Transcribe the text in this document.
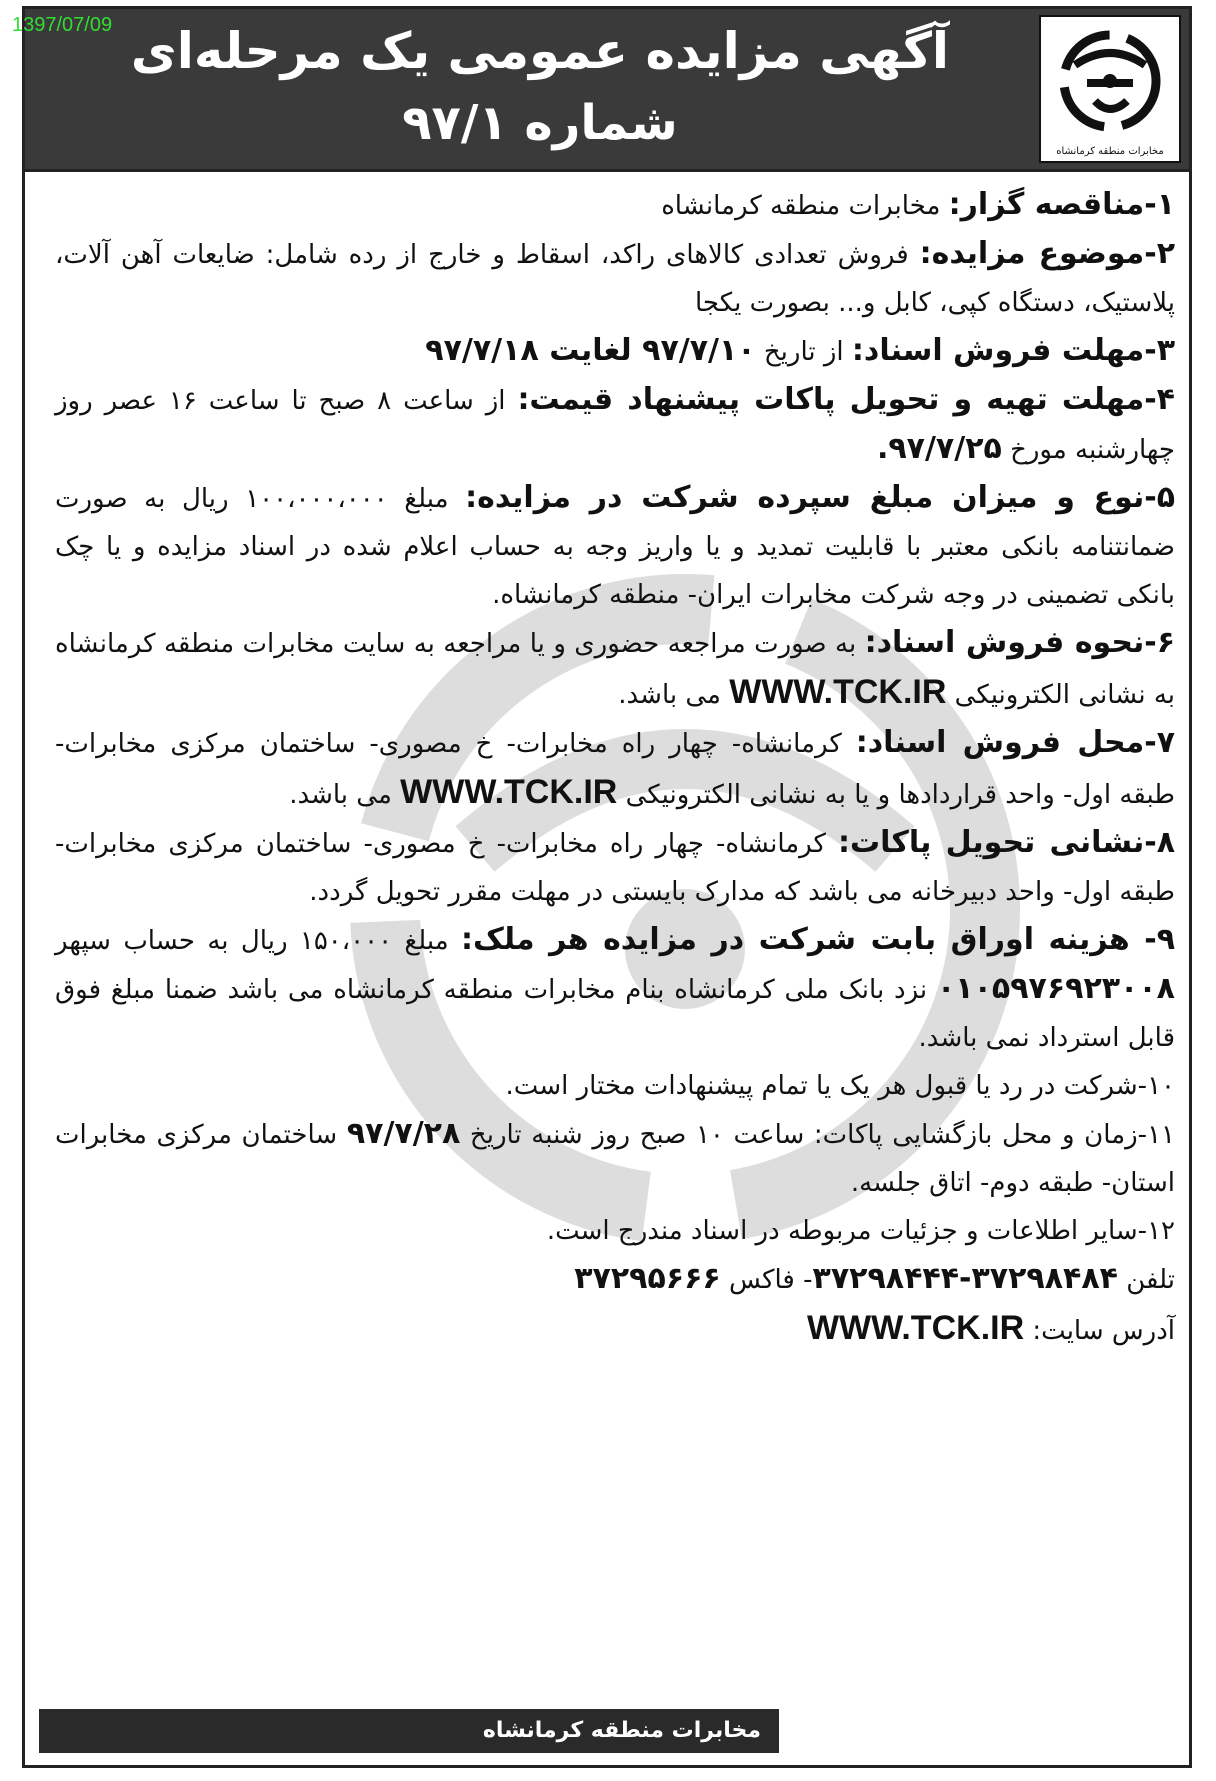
1397/07/09 آگهی مزایده عمومی یک مرحله‌ای
شماره ۹۷/۱
مخابرات منطقه کرمانشاه

۱-مناقصه گزار: مخابرات منطقه کرمانشاه

۲-موضوع مزایده: فروش تعدادی کالاهای راکد، اسقاط و خارج از رده شامل: ضایعات آهن آلات، پلاستیک، دستگاه کپی، کابل و... بصورت یکجا

۳-مهلت فروش اسناد: از تاریخ ۹۷/۷/۱۰ لغایت ۹۷/۷/۱۸

۴-مهلت تهیه و تحویل پاکات پیشنهاد قیمت: از ساعت ۸ صبح تا ساعت ۱۶ عصر روز چهارشنبه مورخ ۹۷/۷/۲۵.

۵-نوع و میزان مبلغ سپرده شرکت در مزایده: مبلغ ۱۰۰،۰۰۰،۰۰۰ ریال به صورت ضمانتنامه بانکی معتبر با قابلیت تمدید و یا واریز وجه به حساب اعلام شده در اسناد مزایده و یا چک بانکی تضمینی در وجه شرکت مخابرات ایران- منطقه کرمانشاه.

۶-نحوه فروش اسناد: به صورت مراجعه حضوری و یا مراجعه به سایت مخابرات منطقه کرمانشاه به نشانی الکترونیکی WWW.TCK.IR می باشد.

۷-محل فروش اسناد: کرمانشاه- چهار راه مخابرات- خ مصوری- ساختمان مرکزی مخابرات- طبقه اول- واحد قراردادها و یا به نشانی الکترونیکی WWW.TCK.IR می باشد.

۸-نشانی تحویل پاکات: کرمانشاه- چهار راه مخابرات- خ مصوری- ساختمان مرکزی مخابرات- طبقه اول- واحد دبیرخانه می باشد که مدارک بایستی در مهلت مقرر تحویل گردد.

۹- هزینه اوراق بابت شرکت در مزایده هر ملک: مبلغ ۱۵۰،۰۰۰ ریال به حساب سپهر ۰۱۰۵۹۷۶۹۲۳۰۰۸ نزد بانک ملی کرمانشاه بنام مخابرات منطقه کرمانشاه می باشد ضمنا مبلغ فوق قابل استرداد نمی باشد.

۱۰-شرکت در رد یا قبول هر یک یا تمام پیشنهادات مختار است.

۱۱-زمان و محل بازگشایی پاکات: ساعت ۱۰ صبح روز شنبه تاریخ ۹۷/۷/۲۸ ساختمان مرکزی مخابرات استان- طبقه دوم- اتاق جلسه.

۱۲-سایر اطلاعات و جزئیات مربوطه در اسناد مندرج است.

تلفن ۳۷۲۹۸۴۸۴-۳۷۲۹۸۴۴۴- فاکس ۳۷۲۹۵۶۶۶

آدرس سایت: WWW.TCK.IR

مخابرات منطقه کرمانشاه
